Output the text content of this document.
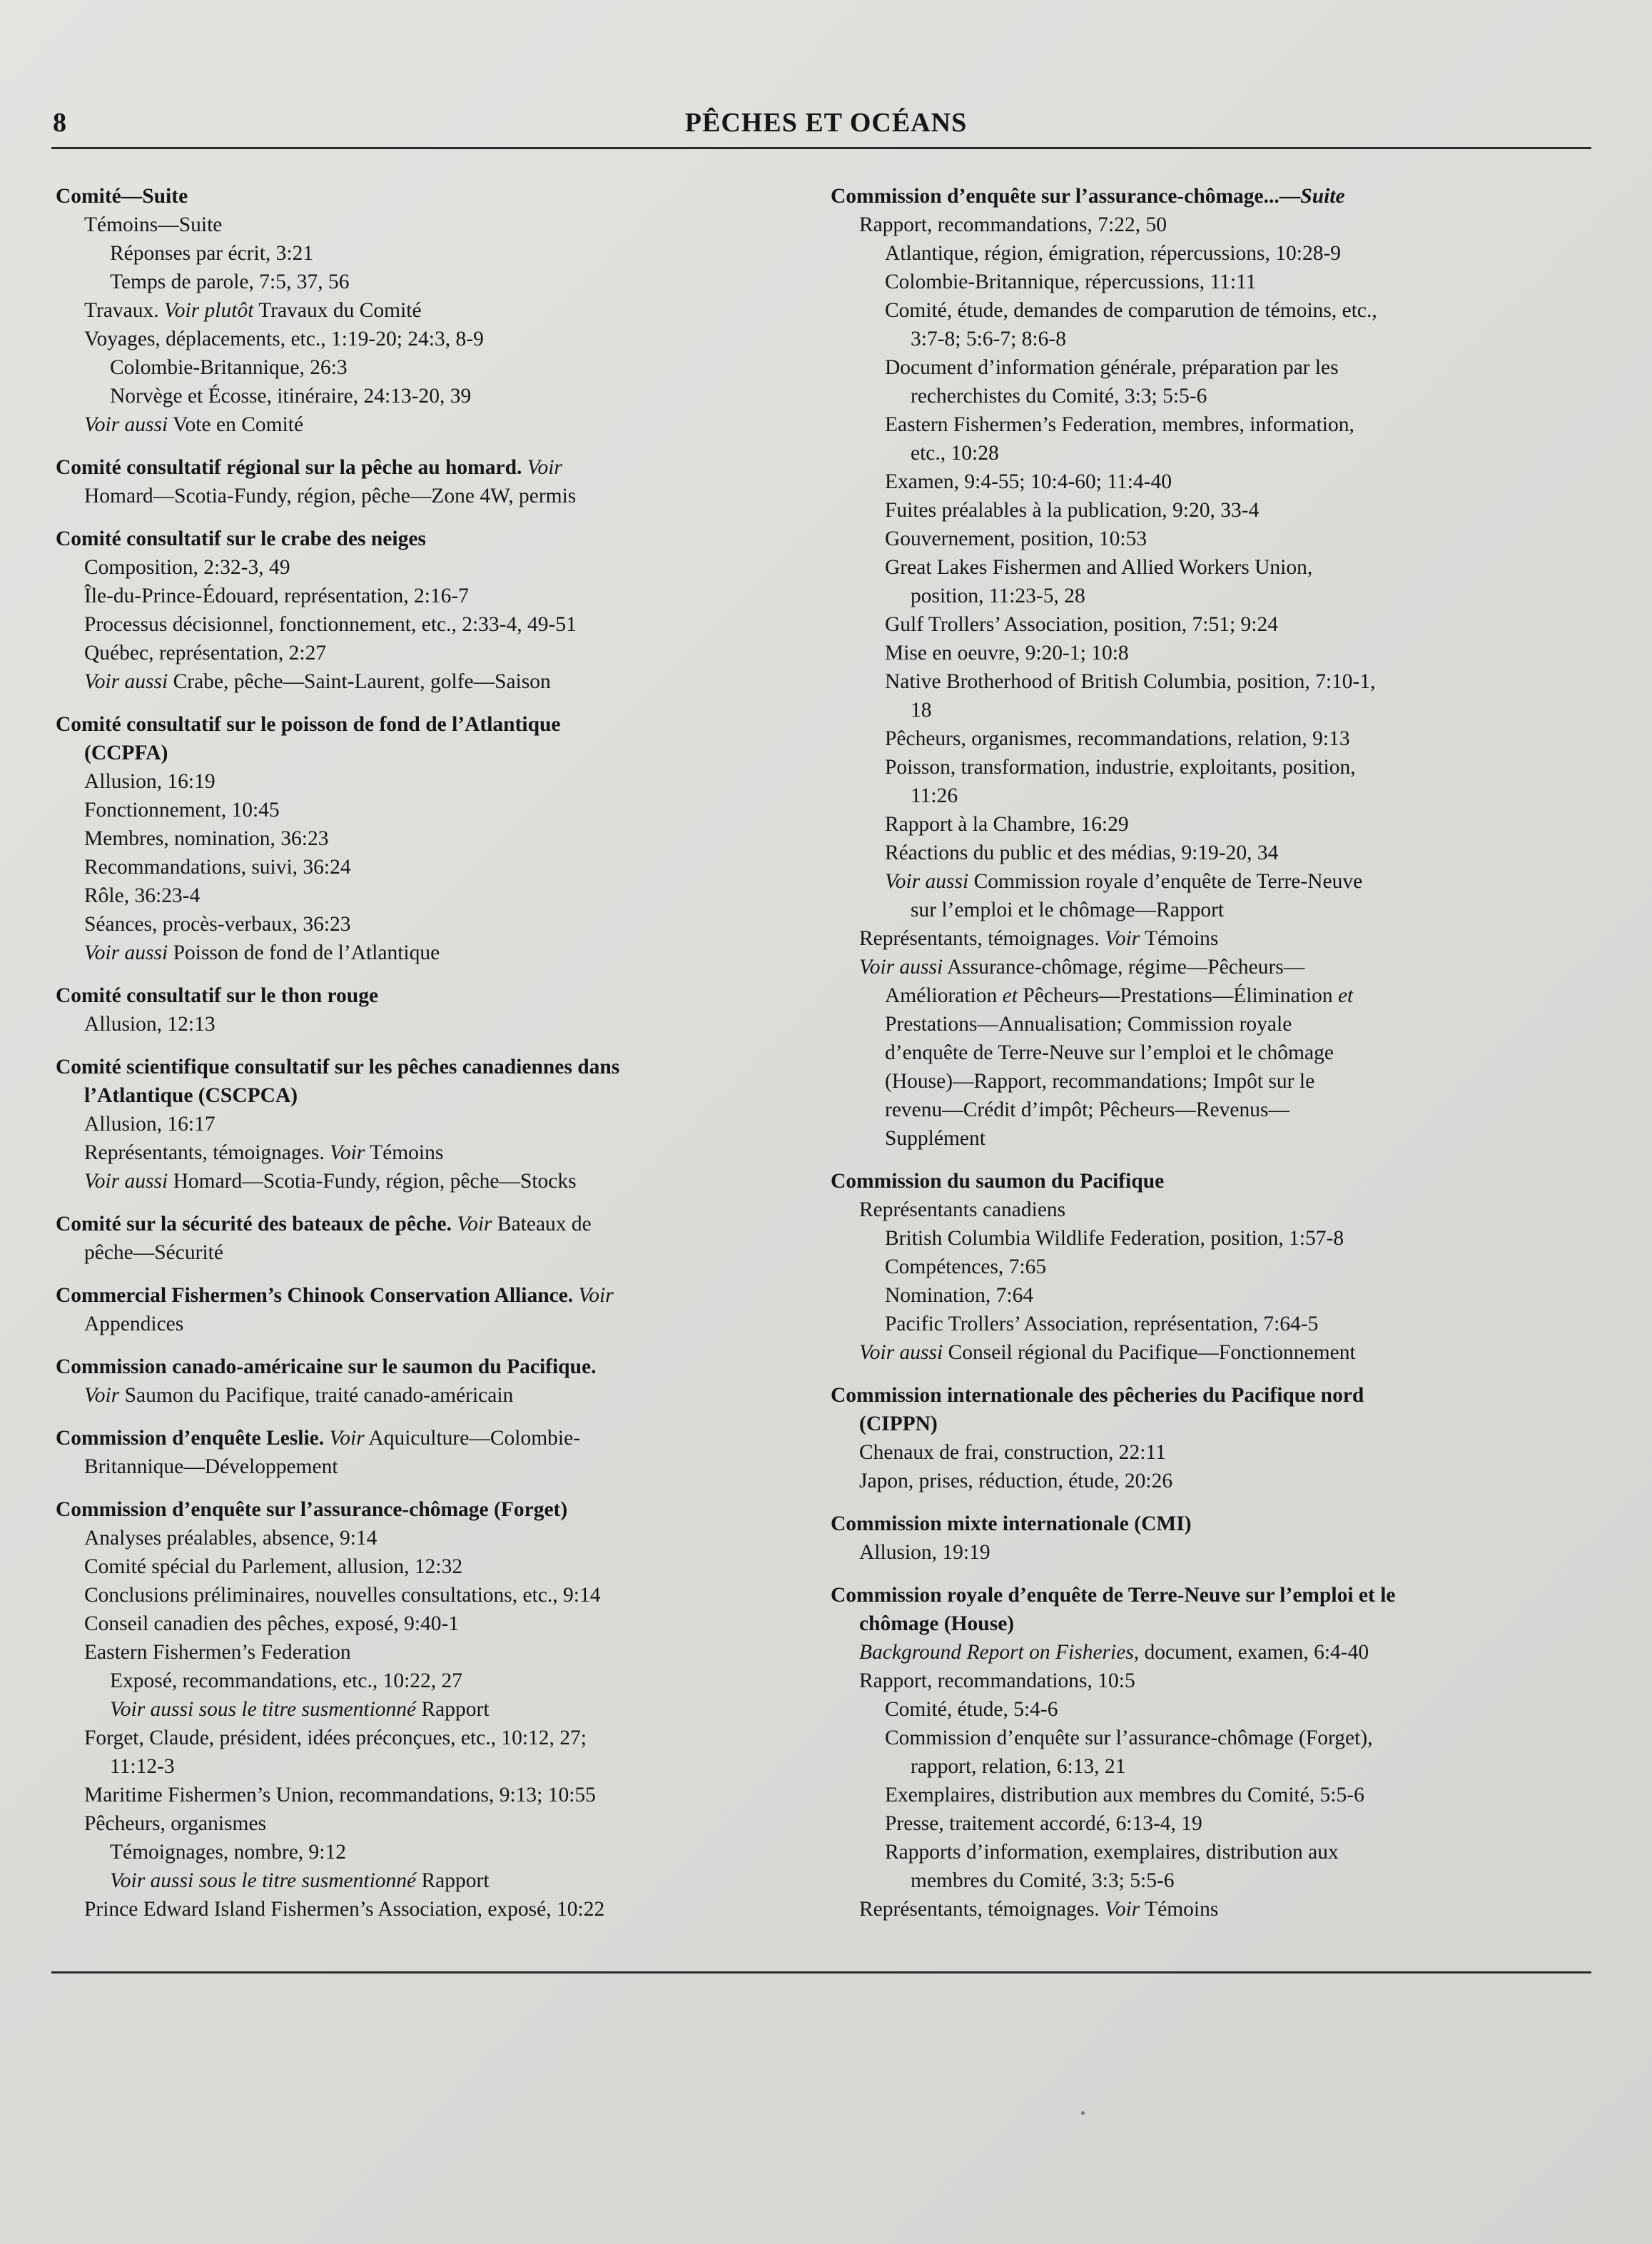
8	PÊCHES ET OCÉANS
Comité—Suite
Témoins—Suite
Réponses par écrit, 3:21
Temps de parole, 7:5, 37, 56
Travaux. Voir plutôt Travaux du Comité
Voyages, déplacements, etc., 1:19-20; 24:3, 8-9
Colombie-Britannique, 26:3
Norvège et Écosse, itinéraire, 24:13-20, 39
Voir aussi Vote en Comité
Comité consultatif régional sur la pêche au homard. Voir
Homard—Scotia-Fundy, région, pêche—Zone 4W, permis
Comité consultatif sur le crabe des neiges
Composition, 2:32-3, 49
Île-du-Prince-Édouard, représentation, 2:16-7
Processus décisionnel, fonctionnement, etc., 2:33-4, 49-51
Québec, représentation, 2:27
Voir aussi Crabe, pêche—Saint-Laurent, golfe—Saison
Comité consultatif sur le poisson de fond de l’Atlantique
(CCPFA)
Allusion, 16:19
Fonctionnement, 10:45
Membres, nomination, 36:23
Recommandations, suivi, 36:24
Rôle, 36:23-4
Séances, procès-verbaux, 36:23
Voir aussi Poisson de fond de l’Atlantique
Comité consultatif sur le thon rouge
Allusion, 12:13
Comité scientifique consultatif sur les pêches canadiennes dans
l’Atlantique (CSCPCA)
Allusion, 16:17
Représentants, témoignages. Voir Témoins
Voir aussi Homard—Scotia-Fundy, région, pêche—Stocks
Comité sur la sécurité des bateaux de pêche. Voir Bateaux de
pêche—Sécurité
Commercial Fishermen’s Chinook Conservation Alliance. Voir
Appendices
Commission canado-américaine sur le saumon du Pacifique.
Voir Saumon du Pacifique, traité canado-américain
Commission d’enquête Leslie. Voir Aquiculture—Colombie-
Britannique—Développement
Commission d’enquête sur l’assurance-chômage (Forget)
Analyses préalables, absence, 9:14
Comité spécial du Parlement, allusion, 12:32
Conclusions préliminaires, nouvelles consultations, etc., 9:14
Conseil canadien des pêches, exposé, 9:40-1
Eastern Fishermen’s Federation
Exposé, recommandations, etc., 10:22, 27
Voir aussi sous le titre susmentionné Rapport
Forget, Claude, président, idées préconçues, etc., 10:12, 27;
11:12-3
Maritime Fishermen’s Union, recommandations, 9:13; 10:55
Pêcheurs, organismes
Témoignages, nombre, 9:12
Voir aussi sous le titre susmentionné Rapport
Prince Edward Island Fishermen’s Association, exposé, 10:22
Commission d’enquête sur l’assurance-chômage...—Suite
Rapport, recommandations, 7:22, 50
Atlantique, région, émigration, répercussions, 10:28-9
Colombie-Britannique, répercussions, 11:11
Comité, étude, demandes de comparution de témoins, etc.,
3:7-8; 5:6-7; 8:6-8
Document d’information générale, préparation par les
recherchistes du Comité, 3:3; 5:5-6
Eastern Fishermen’s Federation, membres, information,
etc., 10:28
Examen, 9:4-55; 10:4-60; 11:4-40
Fuites préalables à la publication, 9:20, 33-4
Gouvernement, position, 10:53
Great Lakes Fishermen and Allied Workers Union,
position, 11:23-5, 28
Gulf Trollers’ Association, position, 7:51; 9:24
Mise en oeuvre, 9:20-1; 10:8
Native Brotherhood of British Columbia, position, 7:10-1,
18
Pêcheurs, organismes, recommandations, relation, 9:13
Poisson, transformation, industrie, exploitants, position,
11:26
Rapport à la Chambre, 16:29
Réactions du public et des médias, 9:19-20, 34
Voir aussi Commission royale d’enquête de Terre-Neuve
sur l’emploi et le chômage—Rapport
Représentants, témoignages. Voir Témoins
Voir aussi Assurance-chômage, régime—Pêcheurs—
Amélioration et Pêcheurs—Prestations—Élimination et
Prestations—Annualisation; Commission royale
d’enquête de Terre-Neuve sur l’emploi et le chômage
(House)—Rapport, recommandations; Impôt sur le
revenu—Crédit d’impôt; Pêcheurs—Revenus—
Supplément
Commission du saumon du Pacifique
Représentants canadiens
British Columbia Wildlife Federation, position, 1:57-8
Compétences, 7:65
Nomination, 7:64
Pacific Trollers’ Association, représentation, 7:64-5
Voir aussi Conseil régional du Pacifique—Fonctionnement
Commission internationale des pêcheries du Pacifique nord
(CIPPN)
Chenaux de frai, construction, 22:11
Japon, prises, réduction, étude, 20:26
Commission mixte internationale (CMI)
Allusion, 19:19
Commission royale d’enquête de Terre-Neuve sur l’emploi et le
chômage (House)
Background Report on Fisheries, document, examen, 6:4-40
Rapport, recommandations, 10:5
Comité, étude, 5:4-6
Commission d’enquête sur l’assurance-chômage (Forget),
rapport, relation, 6:13, 21
Exemplaires, distribution aux membres du Comité, 5:5-6
Presse, traitement accordé, 6:13-4, 19
Rapports d’information, exemplaires, distribution aux
membres du Comité, 3:3; 5:5-6
Représentants, témoignages. Voir Témoins
